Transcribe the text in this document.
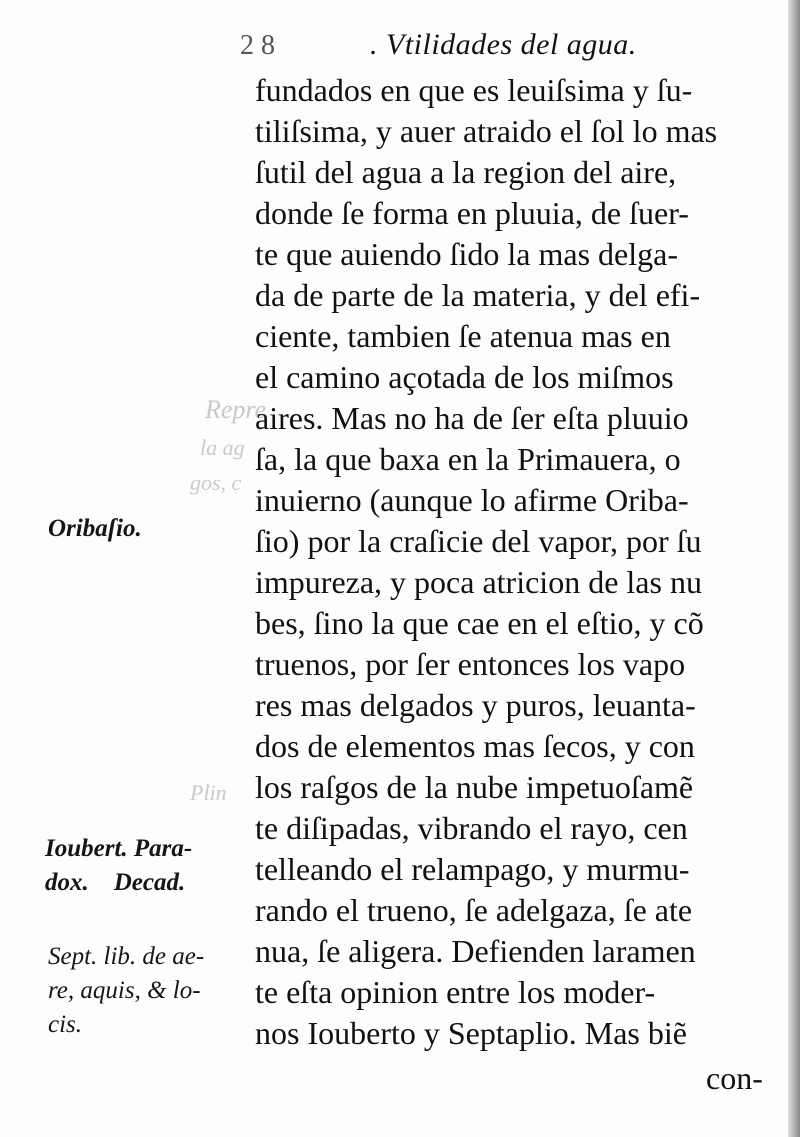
Repre
la ag
gos, c
Plin
2 8	. Vtilidades del agua.
fundados en que es leuiſsima y ſu-
tiliſsima, y auer atraido el ſol lo mas
ſutil del agua a la region del aire,
donde ſe forma en pluuia, de ſuer-
te que auiendo ſido la mas delga-
da de parte de la materia, y del efi-
ciente, tambien ſe atenua mas en
el camino açotada de los miſmos
aires. Mas no ha de ſer eſta pluuio
ſa, la que baxa en la Primauera, o
inuierno (aunque lo afirme Oriba-
ſio) por la craſicie del vapor, por ſu
impureza, y poca atricion de las nu
bes, ſino la que cae en el eſtio, y cõ
truenos, por ſer entonces los vapo
res mas delgados y puros, leuanta-
dos de elementos mas ſecos, y con
los raſgos de la nube impetuoſamẽ
te diſipadas, vibrando el rayo, cen
telleando el relampago, y murmu-
rando el trueno, ſe adelgaza, ſe ate
nua, ſe aligera. Defienden laramen
te eſta opinion entre los moder-
nos Iouberto y Septaplio. Mas biẽ
con-
Oribaſio.
Ioubert. Para-
dox.    Decad.
Sept. lib. de ae-
re, aquis, & lo-
cis.
